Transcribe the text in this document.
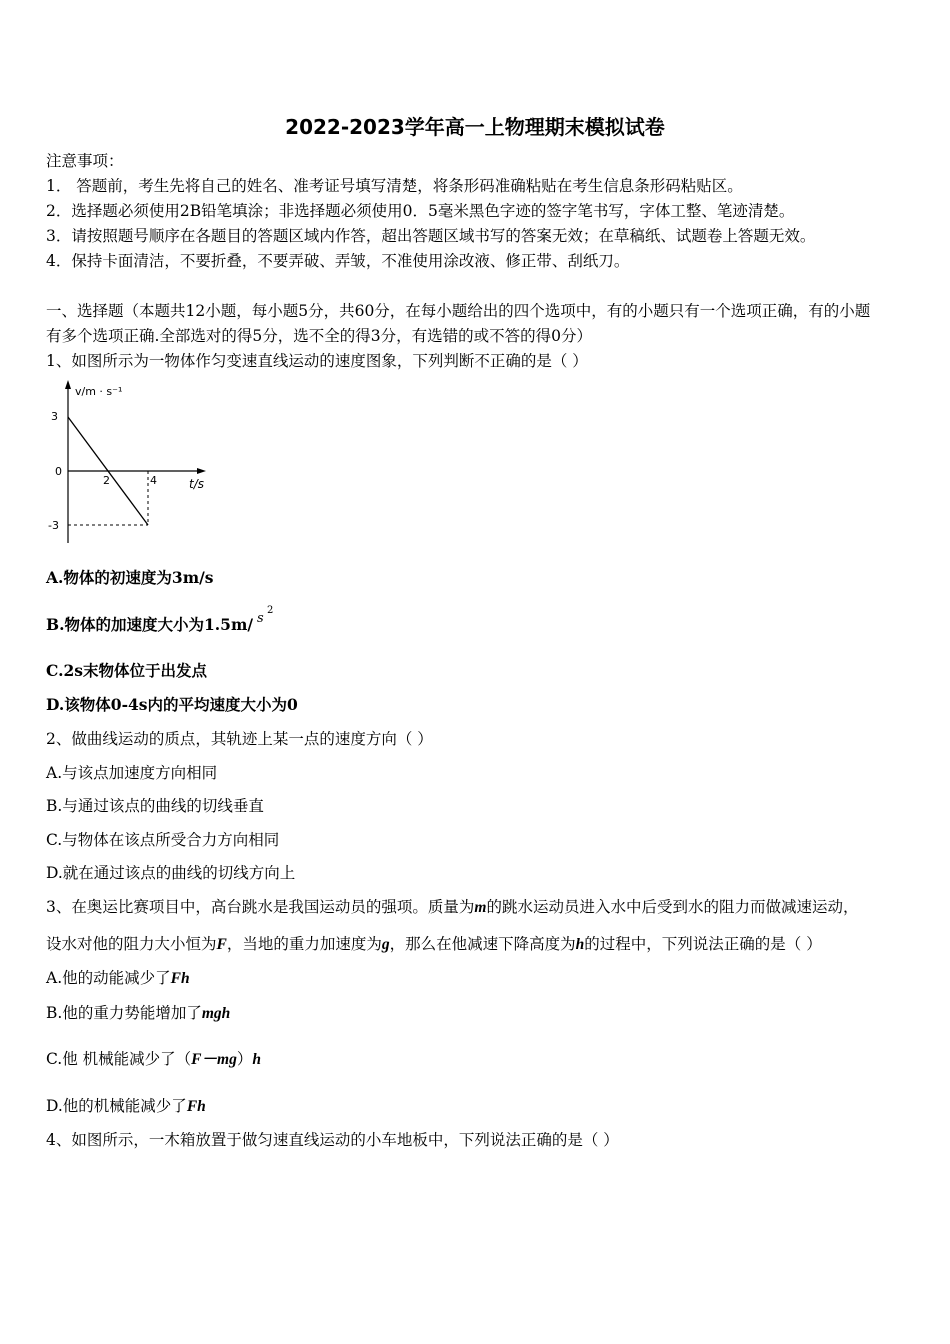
2022-2023学年高一上物理期末模拟试卷
注意事项：
1． 答题前，考生先将自己的姓名、准考证号填写清楚，将条形码准确粘贴在考生信息条形码粘贴区。
2．选择题必须使用2B铅笔填涂；非选择题必须使用0．5毫米黑色字迹的签字笔书写，字体工整、笔迹清楚。
3．请按照题号顺序在各题目的答题区域内作答，超出答题区域书写的答案无效；在草稿纸、试题卷上答题无效。
4．保持卡面清洁，不要折叠，不要弄破、弄皱，不准使用涂改液、修正带、刮纸刀。
一、选择题（本题共12小题，每小题5分，共60分，在每小题给出的四个选项中，有的小题只有一个选项正确，有的小题
有多个选项正确.全部选对的得5分，选不全的得3分，有选错的或不答的得0分）
1、如图所示为一物体作匀变速直线运动的速度图象，下列判断不正确的是（ ）
v/m · s⁻¹
t/s
3
0
-3
2	4
A.物体的初速度为3m/s
B.物体的加速度大小为1.5m/ s
2
C.2s末物体位于出发点
D.该物体0-4s内的平均速度大小为0
2、做曲线运动的质点，其轨迹上某一点的速度方向（ ）
A.与该点加速度方向相同
B.与通过该点的曲线的切线垂直
C.与物体在该点所受合力方向相同
D.就在通过该点的曲线的切线方向上
3、在奥运比赛项目中，高台跳水是我国运动员的强项。质量为m的跳水运动员进入水中后受到水的阻力而做减速运动，
设水对他的阻力大小恒为F，当地的重力加速度为g，那么在他减速下降高度为h的过程中，下列说法正确的是（ ）
A.他的动能减少了Fh
B.他的重力势能增加了mgh
C.他 机械能减少了（F－mg）h
D.他的机械能减少了Fh
4、如图所示，一木箱放置于做匀速直线运动的小车地板中，下列说法正确的是（ ）
